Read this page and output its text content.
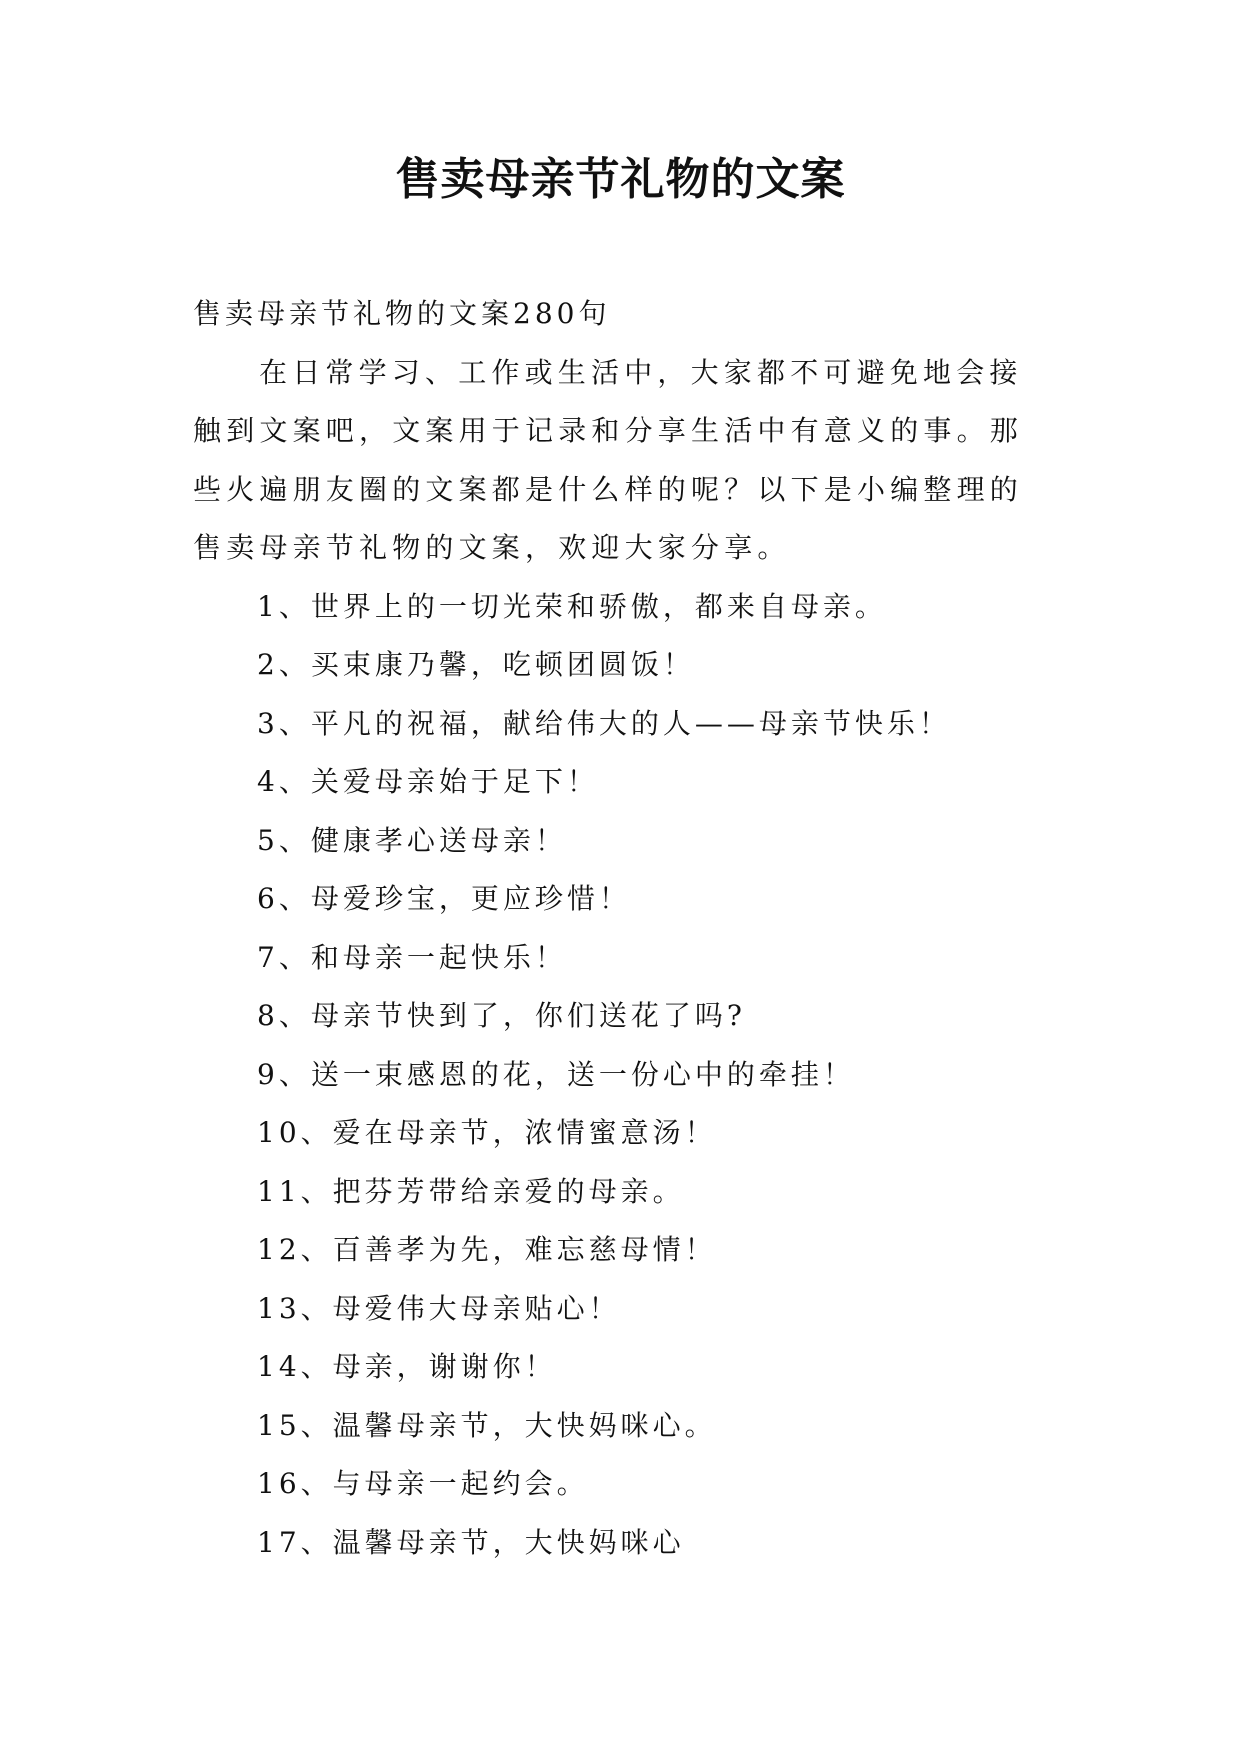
售卖母亲节礼物的文案

售卖母亲节礼物的文案280句

在日常学习、工作或生活中，大家都不可避免地会接触到文案吧，文案用于记录和分享生活中有意义的事。那些火遍朋友圈的文案都是什么样的呢？以下是小编整理的售卖母亲节礼物的文案，欢迎大家分享。

1、世界上的一切光荣和骄傲，都来自母亲。
2、买束康乃馨，吃顿团圆饭！
3、平凡的祝福，献给伟大的人——母亲节快乐！
4、关爱母亲始于足下！
5、健康孝心送母亲！
6、母爱珍宝，更应珍惜！
7、和母亲一起快乐！
8、母亲节快到了，你们送花了吗?
9、送一束感恩的花，送一份心中的牵挂！
10、爱在母亲节，浓情蜜意汤！
11、把芬芳带给亲爱的母亲。
12、百善孝为先，难忘慈母情！
13、母爱伟大母亲贴心！
14、母亲，谢谢你！
15、温馨母亲节，大快妈咪心。
16、与母亲一起约会。
17、温馨母亲节，大快妈咪心
